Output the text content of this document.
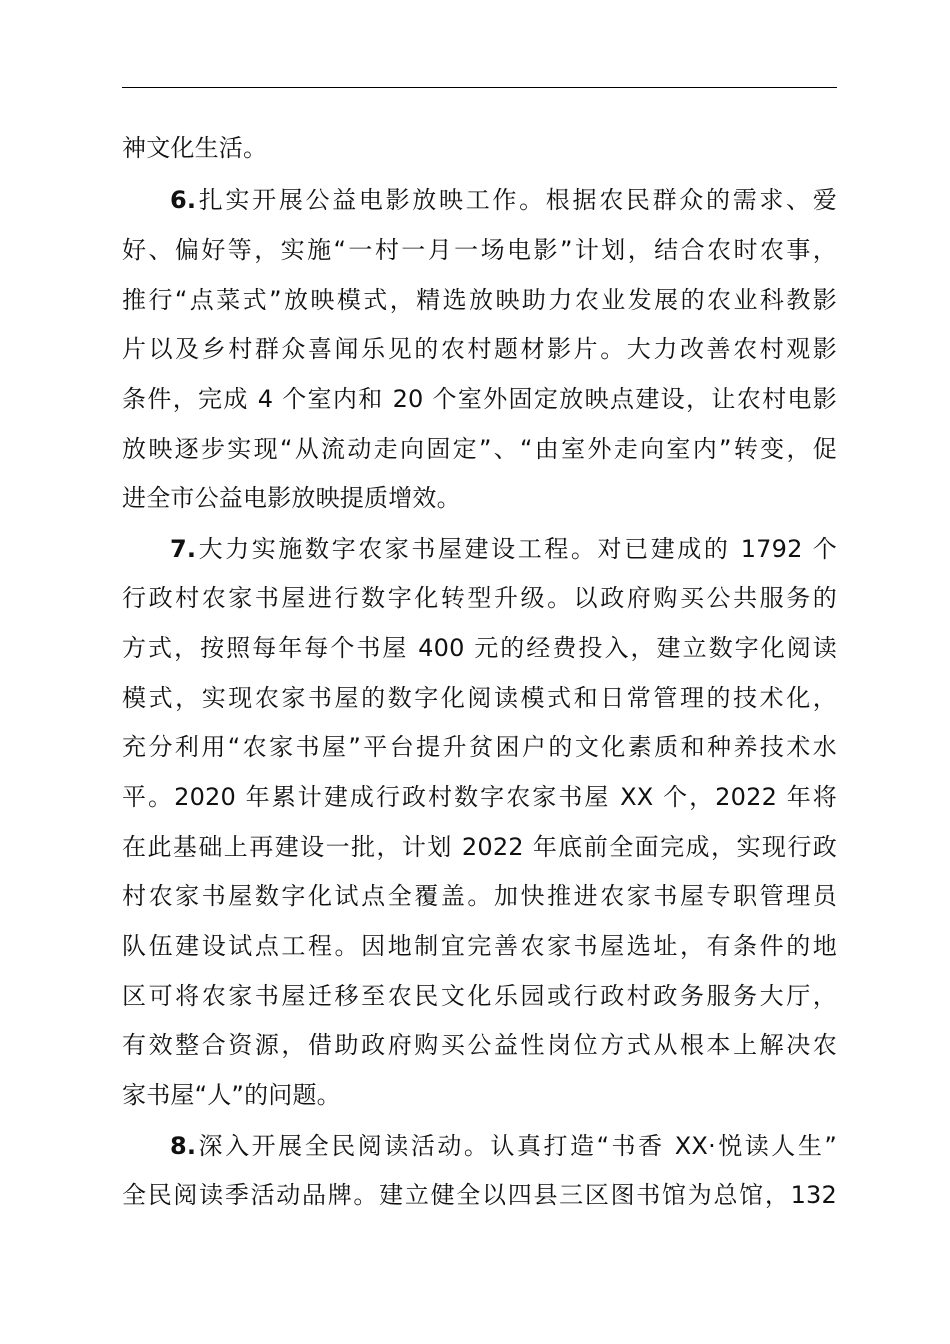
神文化生活。
6.扎实开展公益电影放映工作。根据农民群众的需求、爱
好、偏好等，实施“一村一月一场电影”计划，结合农时农事，
推行“点菜式”放映模式，精选放映助力农业发展的农业科教影
片以及乡村群众喜闻乐见的农村题材影片。大力改善农村观影
条件，完成 4 个室内和 20 个室外固定放映点建设，让农村电影
放映逐步实现“从流动走向固定”、“由室外走向室内”转变，促
进全市公益电影放映提质增效。
7.大力实施数字农家书屋建设工程。对已建成的 1792 个
行政村农家书屋进行数字化转型升级。以政府购买公共服务的
方式，按照每年每个书屋 400 元的经费投入，建立数字化阅读
模式，实现农家书屋的数字化阅读模式和日常管理的技术化，
充分利用“农家书屋”平台提升贫困户的文化素质和种养技术水
平。2020 年累计建成行政村数字农家书屋 XX 个，2022 年将
在此基础上再建设一批，计划 2022 年底前全面完成，实现行政
村农家书屋数字化试点全覆盖。加快推进农家书屋专职管理员
队伍建设试点工程。因地制宜完善农家书屋选址，有条件的地
区可将农家书屋迁移至农民文化乐园或行政村政务服务大厅，
有效整合资源，借助政府购买公益性岗位方式从根本上解决农
家书屋“人”的问题。
8.深入开展全民阅读活动。认真打造“书香 XX·悦读人生”
全民阅读季活动品牌。建立健全以四县三区图书馆为总馆，132
